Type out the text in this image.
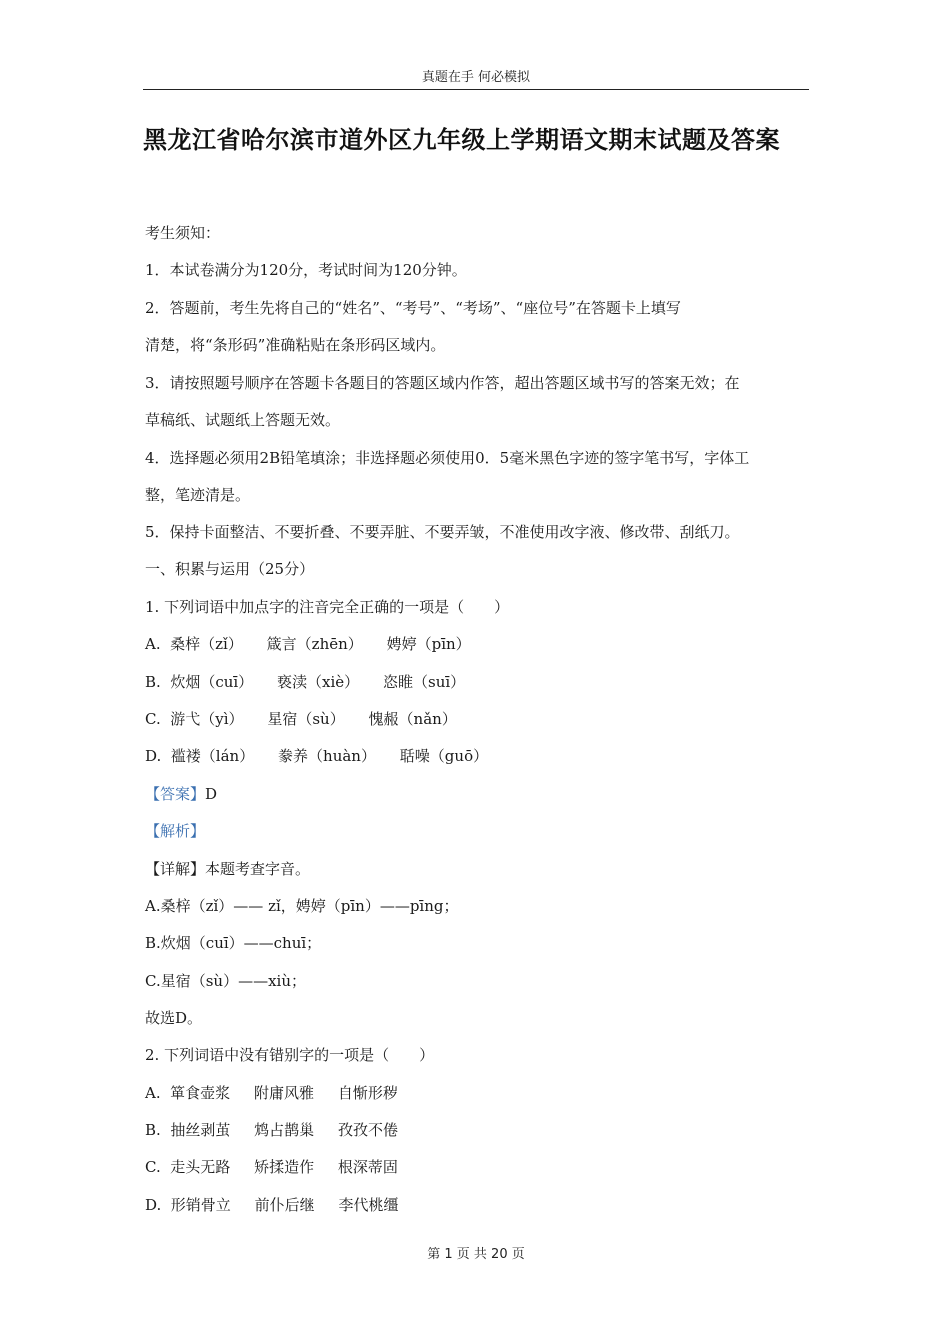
真题在手 何必模拟
黑龙江省哈尔滨市道外区九年级上学期语文期末试题及答案
考生须知：
1．本试卷满分为120分，考试时间为120分钟。
2．答题前，考生先将自己的“姓名”、“考号”、“考场”、“座位号”在答题卡上填写
清楚，将“条形码”准确粘贴在条形码区域内。
3．请按照题号顺序在答题卡各题目的答题区域内作答，超出答题区域书写的答案无效；在
草稿纸、试题纸上答题无效。
4．选择题必须用2B铅笔填涂；非选择题必须使用0．5毫米黑色字迹的签字笔书写，字体工
整，笔迹清是。
5．保持卡面整洁、不要折叠、不要弄脏、不要弄皱，不准使用改字液、修改带、刮纸刀。
一、积累与运用（25分）
1. 下列词语中加点字的注音完全正确的一项是（　　）
A.  桑梓（zǐ）     箴言（zhēn）     娉婷（pīn）
B.  炊烟（cuī）     亵渎（xiè）     恣睢（suī）
C.  游弋（yì）     星宿（sù）     愧赧（nǎn）
D.  褴褛（lán）     豢养（huàn）     聒噪（guō）
【答案】D
【解析】
【详解】本题考查字音。
A.桑梓（zǐ）—— zǐ，娉婷（pīn）——pīng；
B.炊烟（cuī）——chuī；
C.星宿（sù）——xiù；
故选D。
2. 下列词语中没有错别字的一项是（　　）
A.  箪食壶浆     附庸风雅     自惭形秽
B.  抽丝剥茧     鸩占鹊巢     孜孜不倦
C.  走头无路     矫揉造作     根深蒂固
D.  形销骨立     前仆后继     李代桃缰
第 1 页 共 20 页
